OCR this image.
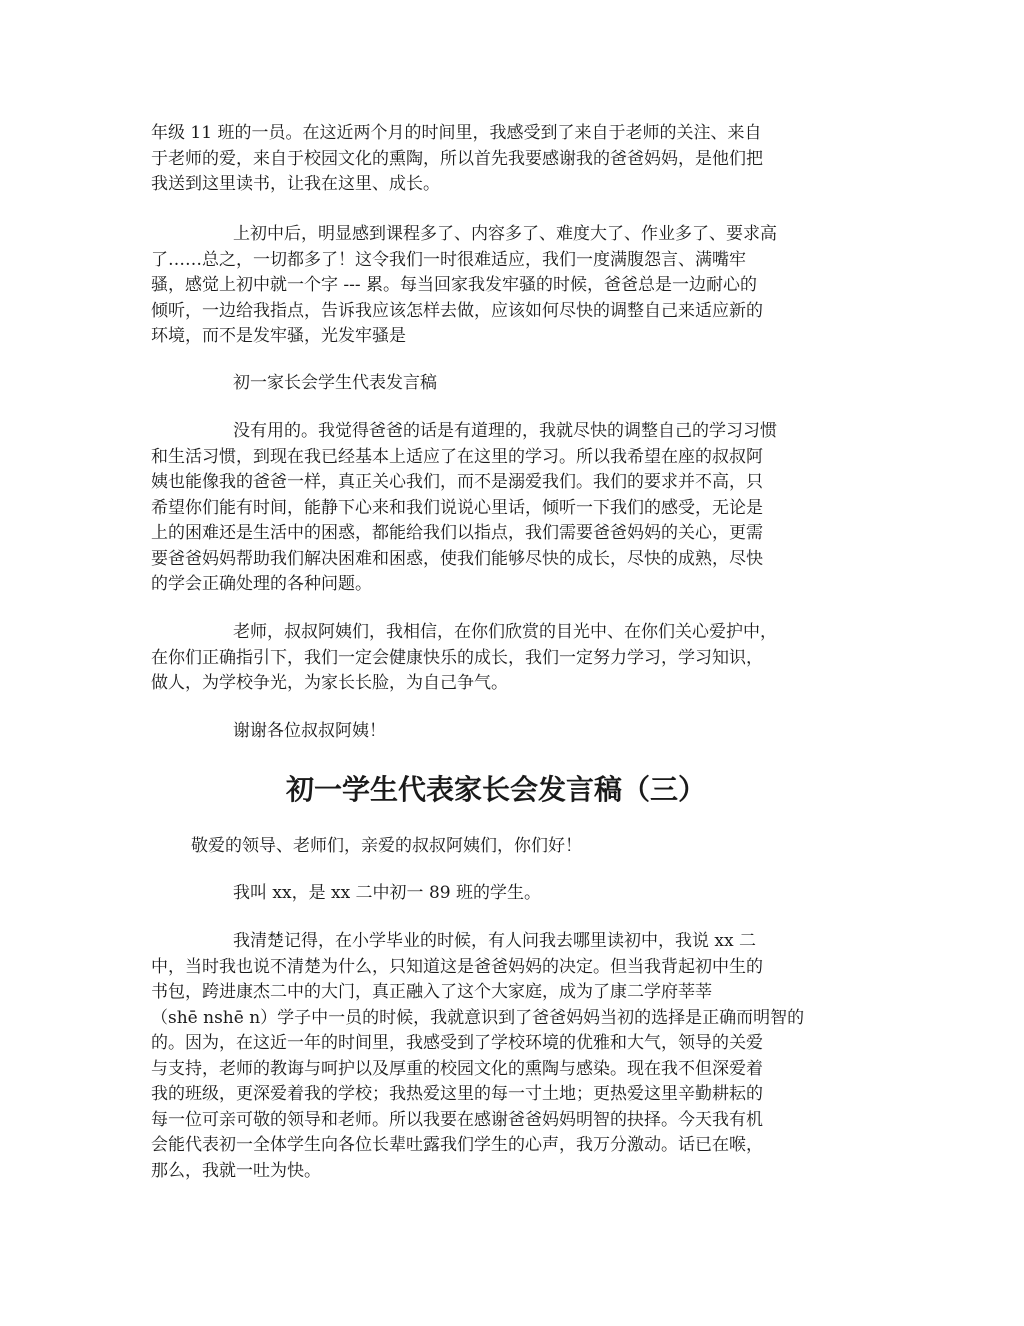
年级 11 班的一员。在这近两个月的时间里，我感受到了来自于老师的关注、来自
于老师的爱，来自于校园文化的熏陶，所以首先我要感谢我的爸爸妈妈，是他们把
我送到这里读书，让我在这里、成长。
上初中后，明显感到课程多了、内容多了、难度大了、作业多了、要求高
了……总之，一切都多了！这令我们一时很难适应，我们一度满腹怨言、满嘴牢
骚，感觉上初中就一个字 --- 累。每当回家我发牢骚的时候，爸爸总是一边耐心的
倾听，一边给我指点，告诉我应该怎样去做，应该如何尽快的调整自己来适应新的
环境，而不是发牢骚，光发牢骚是
初一家长会学生代表发言稿
没有用的。我觉得爸爸的话是有道理的，我就尽快的调整自己的学习习惯
和生活习惯，到现在我已经基本上适应了在这里的学习。所以我希望在座的叔叔阿
姨也能像我的爸爸一样，真正关心我们，而不是溺爱我们。我们的要求并不高，只
希望你们能有时间，能静下心来和我们说说心里话，倾听一下我们的感受，无论是
上的困难还是生活中的困惑，都能给我们以指点，我们需要爸爸妈妈的关心，更需
要爸爸妈妈帮助我们解决困难和困惑，使我们能够尽快的成长，尽快的成熟，尽快
的学会正确处理的各种问题。
老师，叔叔阿姨们，我相信，在你们欣赏的目光中、在你们关心爱护中，
在你们正确指引下，我们一定会健康快乐的成长，我们一定努力学习，学习知识，
做人，为学校争光，为家长长脸，为自己争气。
谢谢各位叔叔阿姨！
初一学生代表家长会发言稿（三）
敬爱的领导、老师们，亲爱的叔叔阿姨们，你们好！
我叫 xx，是 xx 二中初一 89 班的学生。
我清楚记得，在小学毕业的时候，有人问我去哪里读初中，我说 xx 二
中，当时我也说不清楚为什么，只知道这是爸爸妈妈的决定。但当我背起初中生的
书包，跨进康杰二中的大门，真正融入了这个大家庭，成为了康二学府莘莘
（shē nshē n）学子中一员的时候，我就意识到了爸爸妈妈当初的选择是正确而明智的
的。因为，在这近一年的时间里，我感受到了学校环境的优雅和大气，领导的关爱
与支持，老师的教诲与呵护以及厚重的校园文化的熏陶与感染。现在我不但深爱着
我的班级，更深爱着我的学校；我热爱这里的每一寸土地；更热爱这里辛勤耕耘的
每一位可亲可敬的领导和老师。所以我要在感谢爸爸妈妈明智的抉择。今天我有机
会能代表初一全体学生向各位长辈吐露我们学生的心声，我万分激动。话已在喉，
那么，我就一吐为快。
